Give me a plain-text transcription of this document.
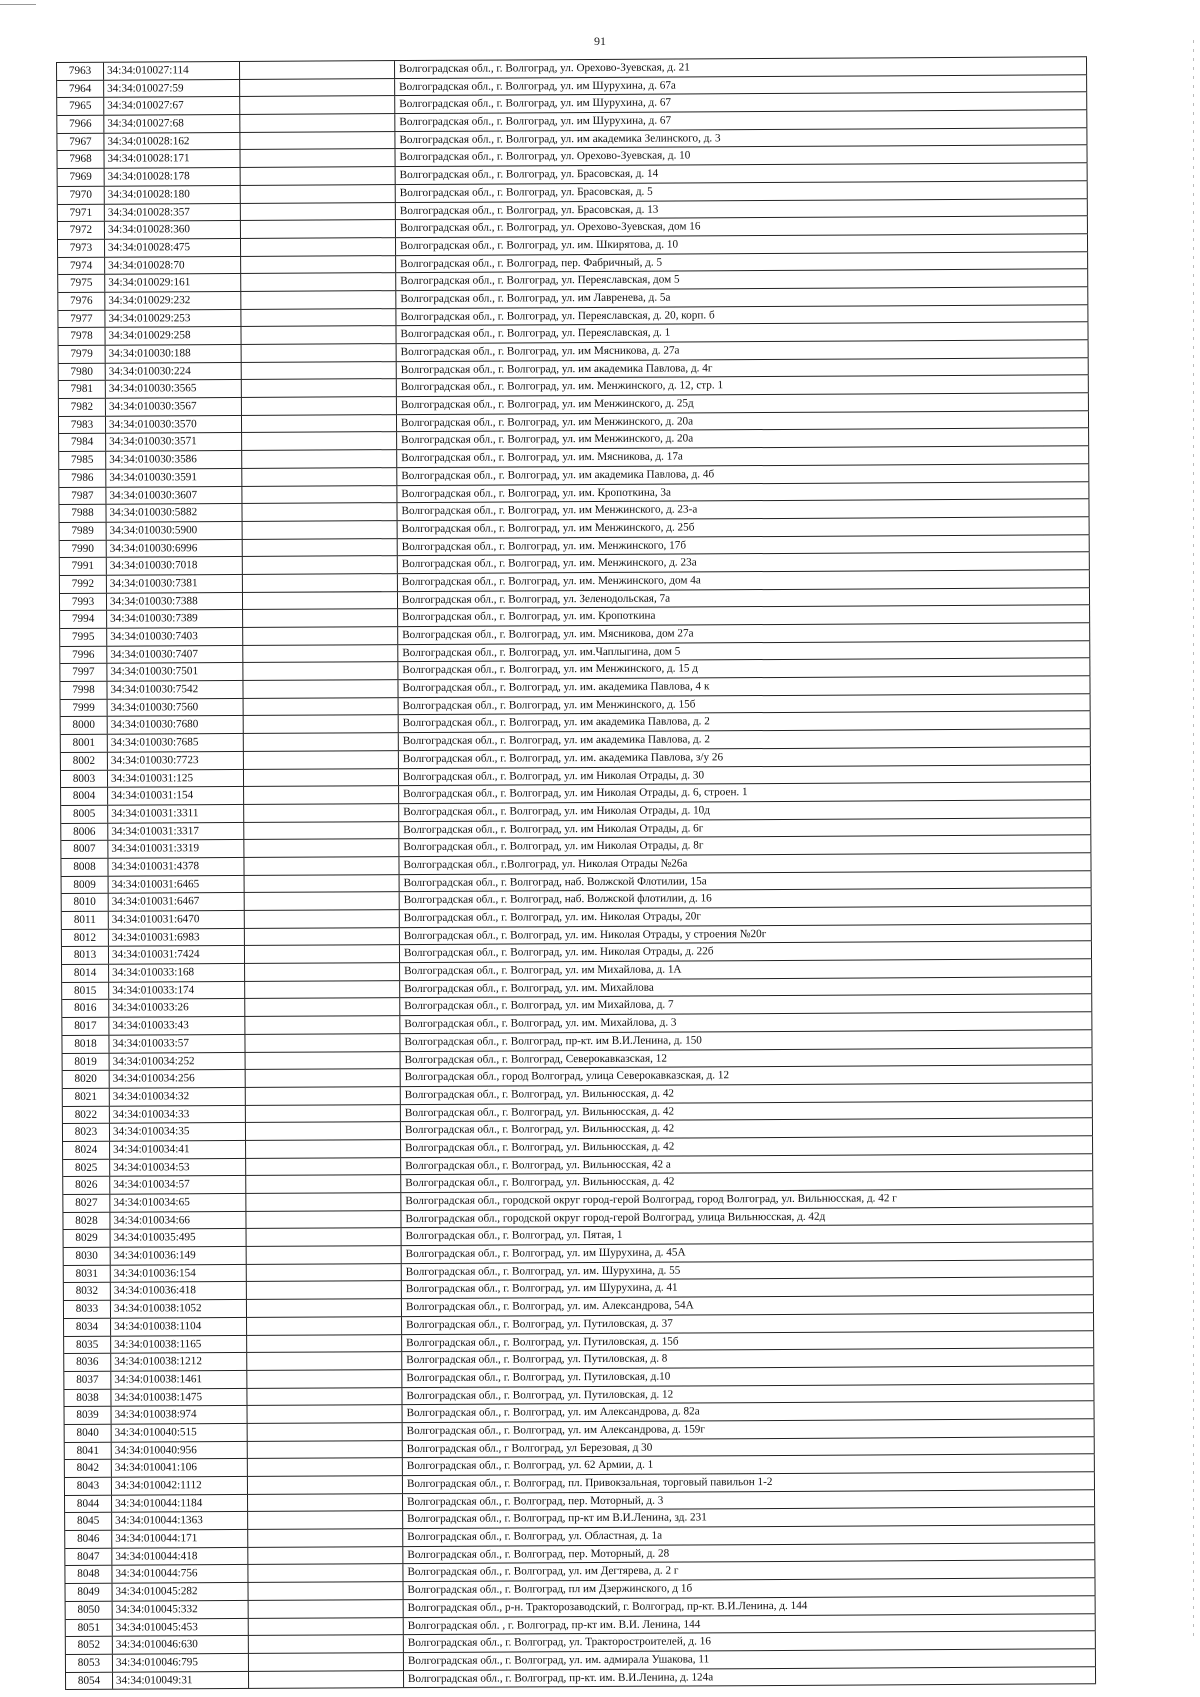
91
7963	34:34:010027:114	Волгоградская обл., г. Волгоград, ул. Орехово-Зуевская, д. 21
7964	34:34:010027:59	Волгоградская обл., г. Волгоград, ул. им Шурухина, д. 67а
7965	34:34:010027:67	Волгоградская обл., г. Волгоград, ул. им Шурухина, д. 67
7966	34:34:010027:68	Волгоградская обл., г. Волгоград, ул. им Шурухина, д. 67
7967	34:34:010028:162	Волгоградская обл., г. Волгоград, ул. им академика Зелинского, д. 3
7968	34:34:010028:171	Волгоградская обл., г. Волгоград, ул. Орехово-Зуевская, д. 10
7969	34:34:010028:178	Волгоградская обл., г. Волгоград, ул. Брасовская, д. 14
7970	34:34:010028:180	Волгоградская обл., г. Волгоград, ул. Брасовская, д. 5
7971	34:34:010028:357	Волгоградская обл., г. Волгоград, ул. Брасовская, д. 13
7972	34:34:010028:360	Волгоградская обл., г. Волгоград, ул. Орехово-Зуевская, дом 16
7973	34:34:010028:475	Волгоградская обл., г. Волгоград, ул. им. Шкирятова, д. 10
7974	34:34:010028:70	Волгоградская обл., г. Волгоград, пер. Фабричный, д. 5
7975	34:34:010029:161	Волгоградская обл., г. Волгоград, ул. Переяславская, дом 5
7976	34:34:010029:232	Волгоградская обл., г. Волгоград, ул. им Лавренева, д. 5а
7977	34:34:010029:253	Волгоградская обл., г. Волгоград, ул. Переяславская, д. 20, корп. б
7978	34:34:010029:258	Волгоградская обл., г. Волгоград, ул. Переяславская, д. 1
7979	34:34:010030:188	Волгоградская обл., г. Волгоград, ул. им Мясникова, д. 27а
7980	34:34:010030:224	Волгоградская обл., г. Волгоград, ул. им академика Павлова, д. 4г
7981	34:34:010030:3565	Волгоградская обл., г. Волгоград, ул. им. Менжинского, д. 12, стр. 1
7982	34:34:010030:3567	Волгоградская обл., г. Волгоград, ул. им Менжинского, д. 25д
7983	34:34:010030:3570	Волгоградская обл., г. Волгоград, ул. им Менжинского, д. 20а
7984	34:34:010030:3571	Волгоградская обл., г. Волгоград, ул. им Менжинского, д. 20а
7985	34:34:010030:3586	Волгоградская обл., г. Волгоград, ул. им. Мясникова, д. 17а
7986	34:34:010030:3591	Волгоградская обл., г. Волгоград, ул. им академика Павлова, д. 4б
7987	34:34:010030:3607	Волгоградская обл., г. Волгоград, ул. им. Кропоткина, 3а
7988	34:34:010030:5882	Волгоградская обл., г. Волгоград, ул. им Менжинского, д. 23-а
7989	34:34:010030:5900	Волгоградская обл., г. Волгоград, ул. им Менжинского, д. 25б
7990	34:34:010030:6996	Волгоградская обл., г. Волгоград, ул. им. Менжинского, 17б
7991	34:34:010030:7018	Волгоградская обл., г. Волгоград, ул. им. Менжинского, д. 23а
7992	34:34:010030:7381	Волгоградская обл., г. Волгоград, ул. им. Менжинского, дом 4а
7993	34:34:010030:7388	Волгоградская обл., г. Волгоград, ул. Зеленодольская, 7а
7994	34:34:010030:7389	Волгоградская обл., г. Волгоград, ул. им. Кропоткина
7995	34:34:010030:7403	Волгоградская обл., г. Волгоград, ул. им. Мясникова, дом 27а
7996	34:34:010030:7407	Волгоградская обл., г. Волгоград, ул. им.Чаплыгина, дом 5
7997	34:34:010030:7501	Волгоградская обл., г. Волгоград, ул. им Менжинского, д. 15 д
7998	34:34:010030:7542	Волгоградская обл., г. Волгоград, ул. им. академика Павлова, 4 к
7999	34:34:010030:7560	Волгоградская обл., г. Волгоград, ул. им Менжинского, д. 15б
8000	34:34:010030:7680	Волгоградская обл., г. Волгоград, ул. им академика Павлова, д. 2
8001	34:34:010030:7685	Волгоградская обл., г. Волгоград, ул. им академика Павлова, д. 2
8002	34:34:010030:7723	Волгоградская обл., г. Волгоград, ул. им. академика Павлова, з/у 26
8003	34:34:010031:125	Волгоградская обл., г. Волгоград, ул. им Николая Отрады, д. 30
8004	34:34:010031:154	Волгоградская обл., г. Волгоград, ул. им Николая Отрады, д. 6, строен. 1
8005	34:34:010031:3311	Волгоградская обл., г. Волгоград, ул. им Николая Отрады, д. 10д
8006	34:34:010031:3317	Волгоградская обл., г. Волгоград, ул. им Николая Отрады, д. 6г
8007	34:34:010031:3319	Волгоградская обл., г. Волгоград, ул. им Николая Отрады, д. 8г
8008	34:34:010031:4378	Волгоградская обл., г.Волгоград, ул. Николая Отрады №26а
8009	34:34:010031:6465	Волгоградская обл., г. Волгоград, наб. Волжской Флотилии, 15а
8010	34:34:010031:6467	Волгоградская обл., г. Волгоград, наб. Волжской флотилии, д. 16
8011	34:34:010031:6470	Волгоградская обл., г. Волгоград, ул. им. Николая Отрады, 20г
8012	34:34:010031:6983	Волгоградская обл., г. Волгоград, ул. им. Николая Отрады, у строения №20г
8013	34:34:010031:7424	Волгоградская обл., г. Волгоград, ул. им. Николая Отрады, д. 22б
8014	34:34:010033:168	Волгоградская обл., г. Волгоград, ул. им Михайлова, д. 1А
8015	34:34:010033:174	Волгоградская обл., г. Волгоград, ул. им. Михайлова
8016	34:34:010033:26	Волгоградская обл., г. Волгоград, ул. им Михайлова, д. 7
8017	34:34:010033:43	Волгоградская обл., г. Волгоград, ул. им. Михайлова, д. 3
8018	34:34:010033:57	Волгоградская обл., г. Волгоград, пр-кт. им В.И.Ленина, д. 150
8019	34:34:010034:252	Волгоградская обл., г. Волгоград, Северокавказская, 12
8020	34:34:010034:256	Волгоградская обл., город Волгоград, улица Северокавказская, д. 12
8021	34:34:010034:32	Волгоградская обл., г. Волгоград, ул. Вильнюсская, д. 42
8022	34:34:010034:33	Волгоградская обл., г. Волгоград, ул. Вильнюсская, д. 42
8023	34:34:010034:35	Волгоградская обл., г. Волгоград, ул. Вильнюсская, д. 42
8024	34:34:010034:41	Волгоградская обл., г. Волгоград, ул. Вильнюсская, д. 42
8025	34:34:010034:53	Волгоградская обл., г. Волгоград, ул. Вильнюсская, 42 а
8026	34:34:010034:57	Волгоградская обл., г. Волгоград, ул. Вильнюсская, д. 42
8027	34:34:010034:65	Волгоградская обл., городской округ город-герой Волгоград, город Волгоград, ул. Вильнюсская, д. 42 г
8028	34:34:010034:66	Волгоградская обл., городской округ город-герой Волгоград, улица Вильнюсская, д. 42д
8029	34:34:010035:495	Волгоградская обл., г. Волгоград, ул. Пятая, 1
8030	34:34:010036:149	Волгоградская обл., г. Волгоград, ул. им Шурухина, д. 45А
8031	34:34:010036:154	Волгоградская обл., г. Волгоград, ул. им. Шурухина, д. 55
8032	34:34:010036:418	Волгоградская обл., г. Волгоград, ул. им Шурухина, д. 41
8033	34:34:010038:1052	Волгоградская обл., г. Волгоград, ул. им. Александрова, 54А
8034	34:34:010038:1104	Волгоградская обл., г. Волгоград, ул. Путиловская, д. 37
8035	34:34:010038:1165	Волгоградская обл., г. Волгоград, ул. Путиловская, д. 15б
8036	34:34:010038:1212	Волгоградская обл., г. Волгоград, ул. Путиловская, д. 8
8037	34:34:010038:1461	Волгоградская обл., г. Волгоград, ул. Путиловская, д.10
8038	34:34:010038:1475	Волгоградская обл., г. Волгоград, ул. Путиловская, д. 12
8039	34:34:010038:974	Волгоградская обл., г. Волгоград, ул. им Александрова, д. 82а
8040	34:34:010040:515	Волгоградская обл., г. Волгоград, ул. им Александрова, д. 159г
8041	34:34:010040:956	Волгоградская обл., г Волгоград, ул Березовая, д 30
8042	34:34:010041:106	Волгоградская обл., г. Волгоград, ул. 62 Армии, д. 1
8043	34:34:010042:1112	Волгоградская обл., г. Волгоград, пл. Привокзальная, торговый павильон 1-2
8044	34:34:010044:1184	Волгоградская обл., г. Волгоград, пер. Моторный, д. 3
8045	34:34:010044:1363	Волгоградская обл., г. Волгоград, пр-кт им В.И.Ленина, зд. 231
8046	34:34:010044:171	Волгоградская обл., г. Волгоград, ул. Областная, д. 1а
8047	34:34:010044:418	Волгоградская обл., г. Волгоград, пер. Моторный, д. 28
8048	34:34:010044:756	Волгоградская обл., г. Волгоград, ул. им Дегтярева, д. 2 г
8049	34:34:010045:282	Волгоградская обл., г. Волгоград, пл им Дзержинского, д 1б
8050	34:34:010045:332	Волгоградская обл., р-н. Тракторозаводский, г. Волгоград, пр-кт. В.И.Ленина, д. 144
8051	34:34:010045:453	Волгоградская обл. , г. Волгоград, пр-кт им. В.И. Ленина, 144
8052	34:34:010046:630	Волгоградская обл., г. Волгоград, ул. Тракторостроителей, д. 16
8053	34:34:010046:795	Волгоградская обл., г. Волгоград, ул. им. адмирала Ушакова, 11
8054	34:34:010049:31	Волгоградская обл., г. Волгоград, пр-кт. им. В.И.Ленина, д. 124а
